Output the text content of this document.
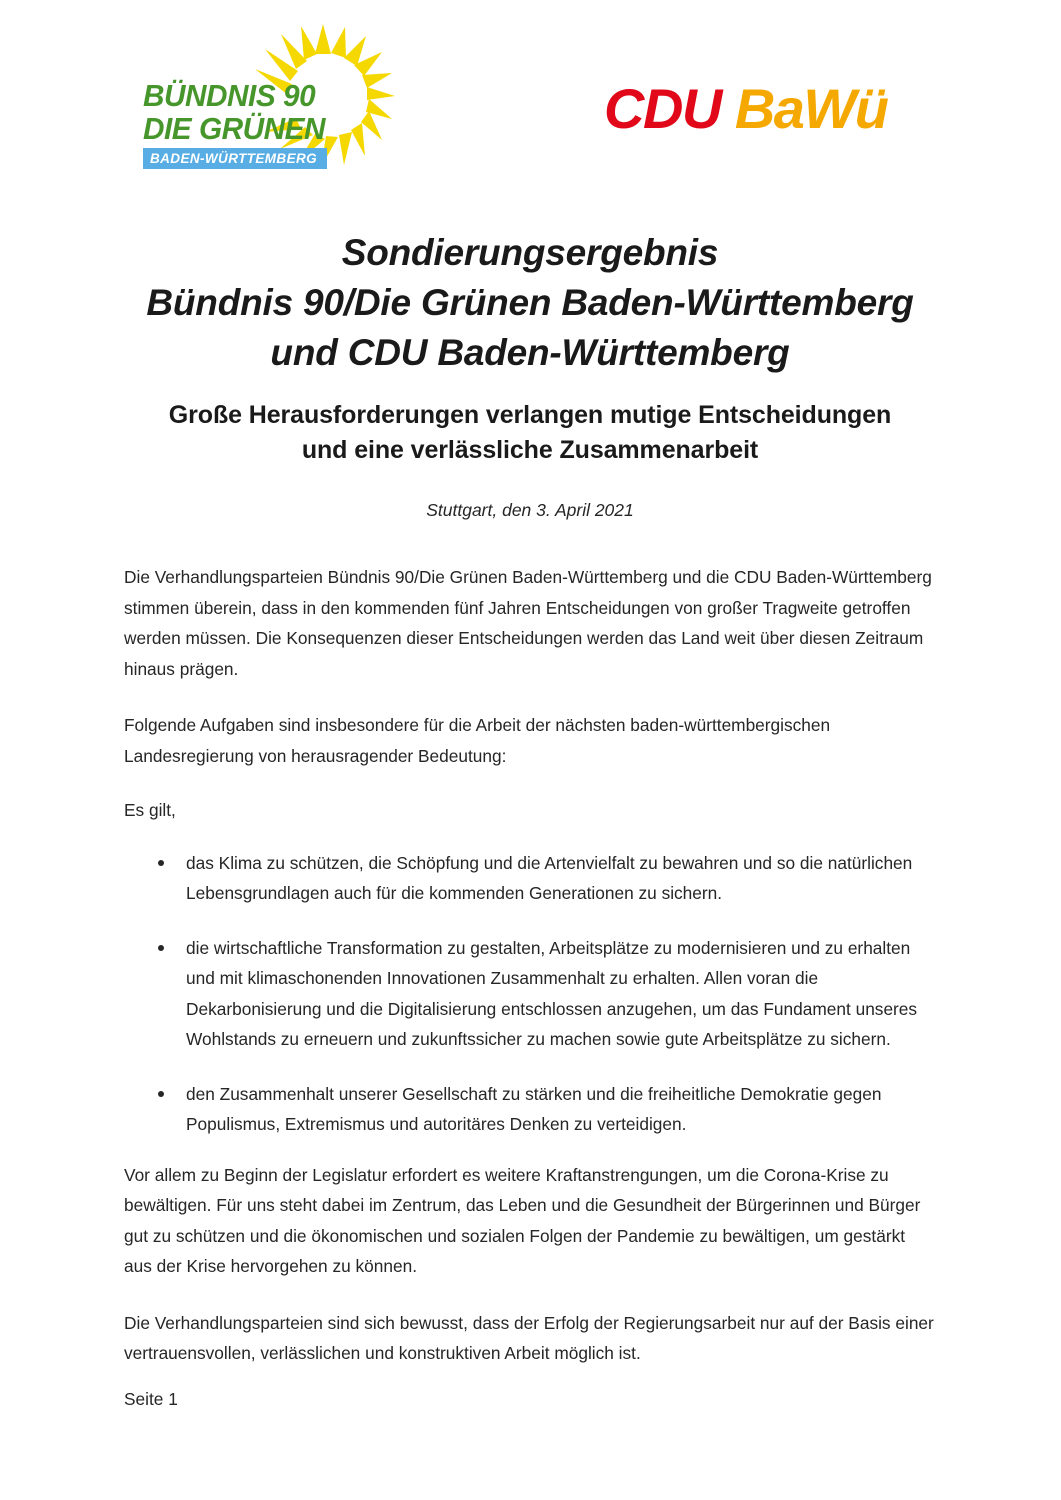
BÜNDNIS 90
DIE GRÜNEN
BADEN-WÜRTTEMBERG
CDU BaWü
Sondierungsergebnis
Bündnis 90/Die Grünen Baden-Württemberg
und CDU Baden-Württemberg
Große Herausforderungen verlangen mutige Entscheidungen
und eine verlässliche Zusammenarbeit
Stuttgart, den 3. April 2021

Die Verhandlungsparteien Bündnis 90/Die Grünen Baden-Württemberg und die CDU Baden-Württemberg stimmen überein, dass in den kommenden fünf Jahren Entscheidungen von großer Tragweite getroffen werden müssen. Die Konsequenzen dieser Entscheidungen werden das Land weit über diesen Zeitraum hinaus prägen.

Folgende Aufgaben sind insbesondere für die Arbeit der nächsten baden-württembergischen Landesregierung von herausragender Bedeutung:

Es gilt,

das Klima zu schützen, die Schöpfung und die Artenvielfalt zu bewahren und so die natürlichen Lebensgrundlagen auch für die kommenden Generationen zu sichern.
die wirtschaftliche Transformation zu gestalten, Arbeitsplätze zu modernisieren und zu erhalten und mit klimaschonenden Innovationen Zusammenhalt zu erhalten. Allen voran die Dekarbonisierung und die Digitalisierung entschlossen anzugehen, um das Fundament unseres Wohlstands zu erneuern und zukunftssicher zu machen sowie gute Arbeitsplätze zu sichern.
den Zusammenhalt unserer Gesellschaft zu stärken und die freiheitliche Demokratie gegen Populismus, Extremismus und autoritäres Denken zu verteidigen.

Vor allem zu Beginn der Legislatur erfordert es weitere Kraftanstrengungen, um die Corona-Krise zu bewältigen. Für uns steht dabei im Zentrum, das Leben und die Gesundheit der Bürgerinnen und Bürger gut zu schützen und die ökonomischen und sozialen Folgen der Pandemie zu bewältigen, um gestärkt aus der Krise hervorgehen zu können.

Die Verhandlungsparteien sind sich bewusst, dass der Erfolg der Regierungsarbeit nur auf der Basis einer vertrauensvollen, verlässlichen und konstruktiven Arbeit möglich ist.

Seite 1
